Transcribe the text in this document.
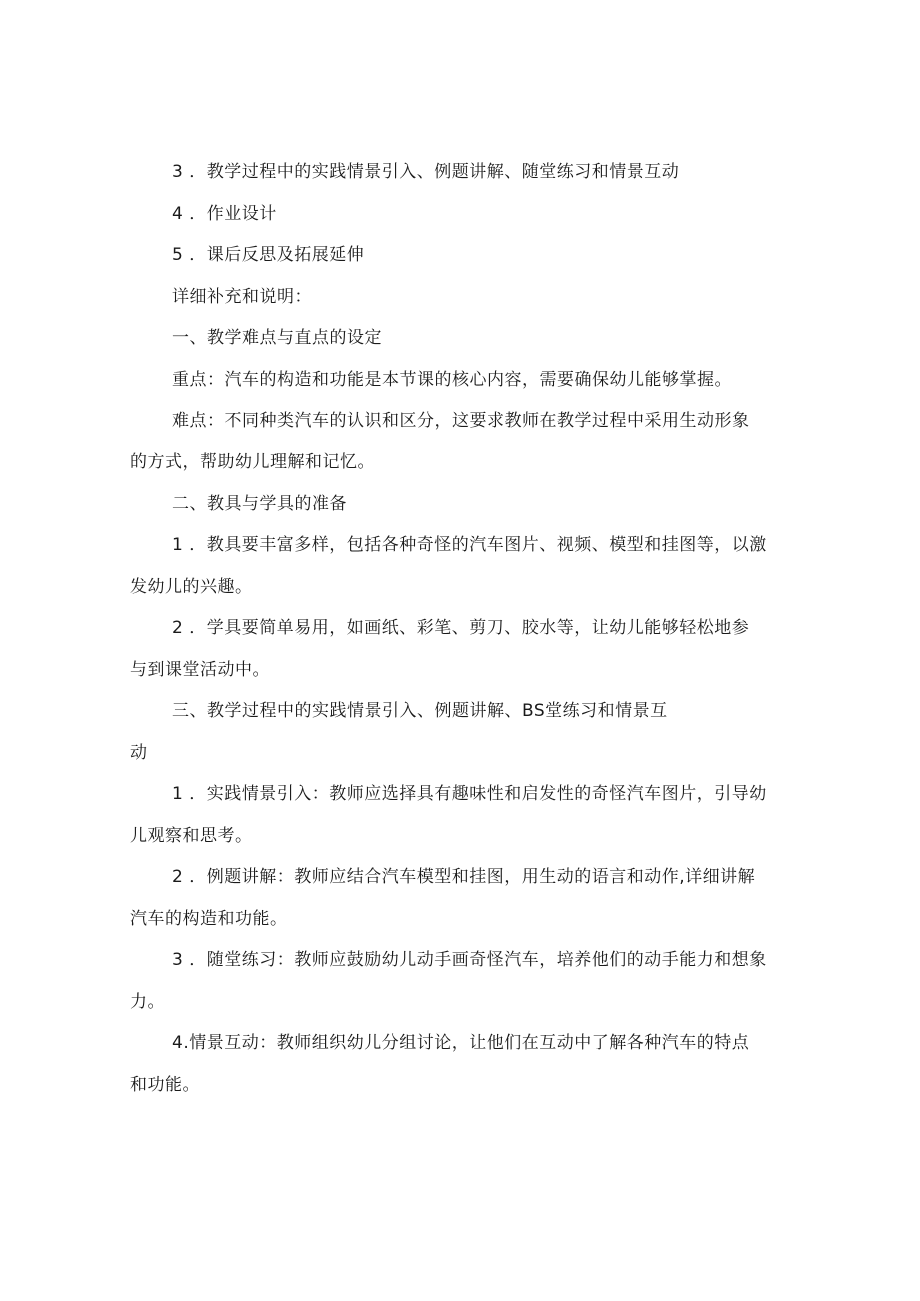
3 ．教学过程中的实践情景引入、例题讲解、随堂练习和情景互动
4 ．作业设计
5 ．课后反思及拓展延伸
详细补充和说明：
一、教学难点与直点的设定
重点：汽车的构造和功能是本节课的核心内容，需要确保幼儿能够掌握。
难点：不同种类汽车的认识和区分，这要求教师在教学过程中采用生动形象
的方式，帮助幼儿理解和记忆。
二、教具与学具的准备
1 ．教具要丰富多样，包括各种奇怪的汽车图片、视频、模型和挂图等，以激
发幼儿的兴趣。
2 ．学具要简单易用，如画纸、彩笔、剪刀、胶水等，让幼儿能够轻松地参
与到课堂活动中。
三、教学过程中的实践情景引入、例题讲解、BS堂练习和情景互
动
1 ．实践情景引入：教师应选择具有趣味性和启发性的奇怪汽车图片，引导幼
儿观察和思考。
2 ．例题讲解：教师应结合汽车模型和挂图，用生动的语言和动作,详细讲解
汽车的构造和功能。
3 ．随堂练习：教师应鼓励幼儿动手画奇怪汽车，培养他们的动手能力和想象
力。
4.情景互动：教师组织幼儿分组讨论，让他们在互动中了解各种汽车的特点
和功能。
